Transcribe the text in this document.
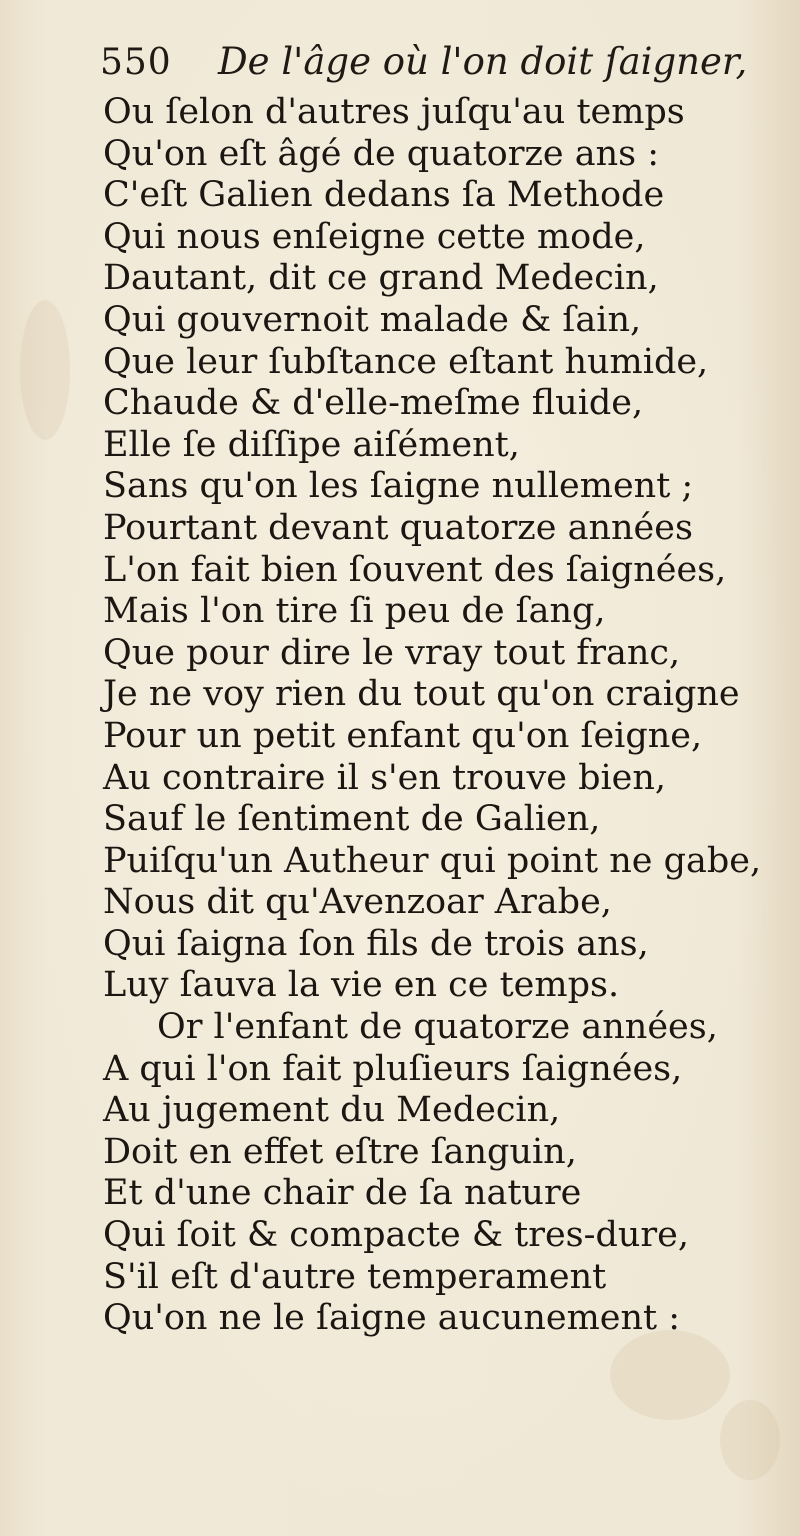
550 De l'âge où l'on doit ſaigner,
Ou ſelon d'autres juſqu'au temps
Qu'on eſt âgé de quatorze ans :
C'eſt Galien dedans ſa Methode
Qui nous enſeigne cette mode,
Dautant, dit ce grand Medecin,
Qui gouvernoit malade & ſain,
Que leur ſubſtance eſtant humide,
Chaude & d'elle-meſme fluide,
Elle ſe diſſipe aiſément,
Sans qu'on les ſaigne nullement ;
Pourtant devant quatorze années
L'on fait bien ſouvent des ſaignées,
Mais l'on tire ſi peu de ſang,
Que pour dire le vray tout franc,
Je ne voy rien du tout qu'on craigne
Pour un petit enfant qu'on ſeigne,
Au contraire il s'en trouve bien,
Sauf le ſentiment de Galien,
Puiſqu'un Autheur qui point ne gabe,
Nous dit qu'Avenzoar Arabe,
Qui ſaigna ſon fils de trois ans,
Luy ſauva la vie en ce temps.
Or l'enfant de quatorze années,
A qui l'on fait pluſieurs ſaignées,
Au jugement du Medecin,
Doit en effet eſtre ſanguin,
Et d'une chair de ſa nature
Qui ſoit & compacte & tres-dure,
S'il eſt d'autre temperament
Qu'on ne le ſaigne aucunement :
